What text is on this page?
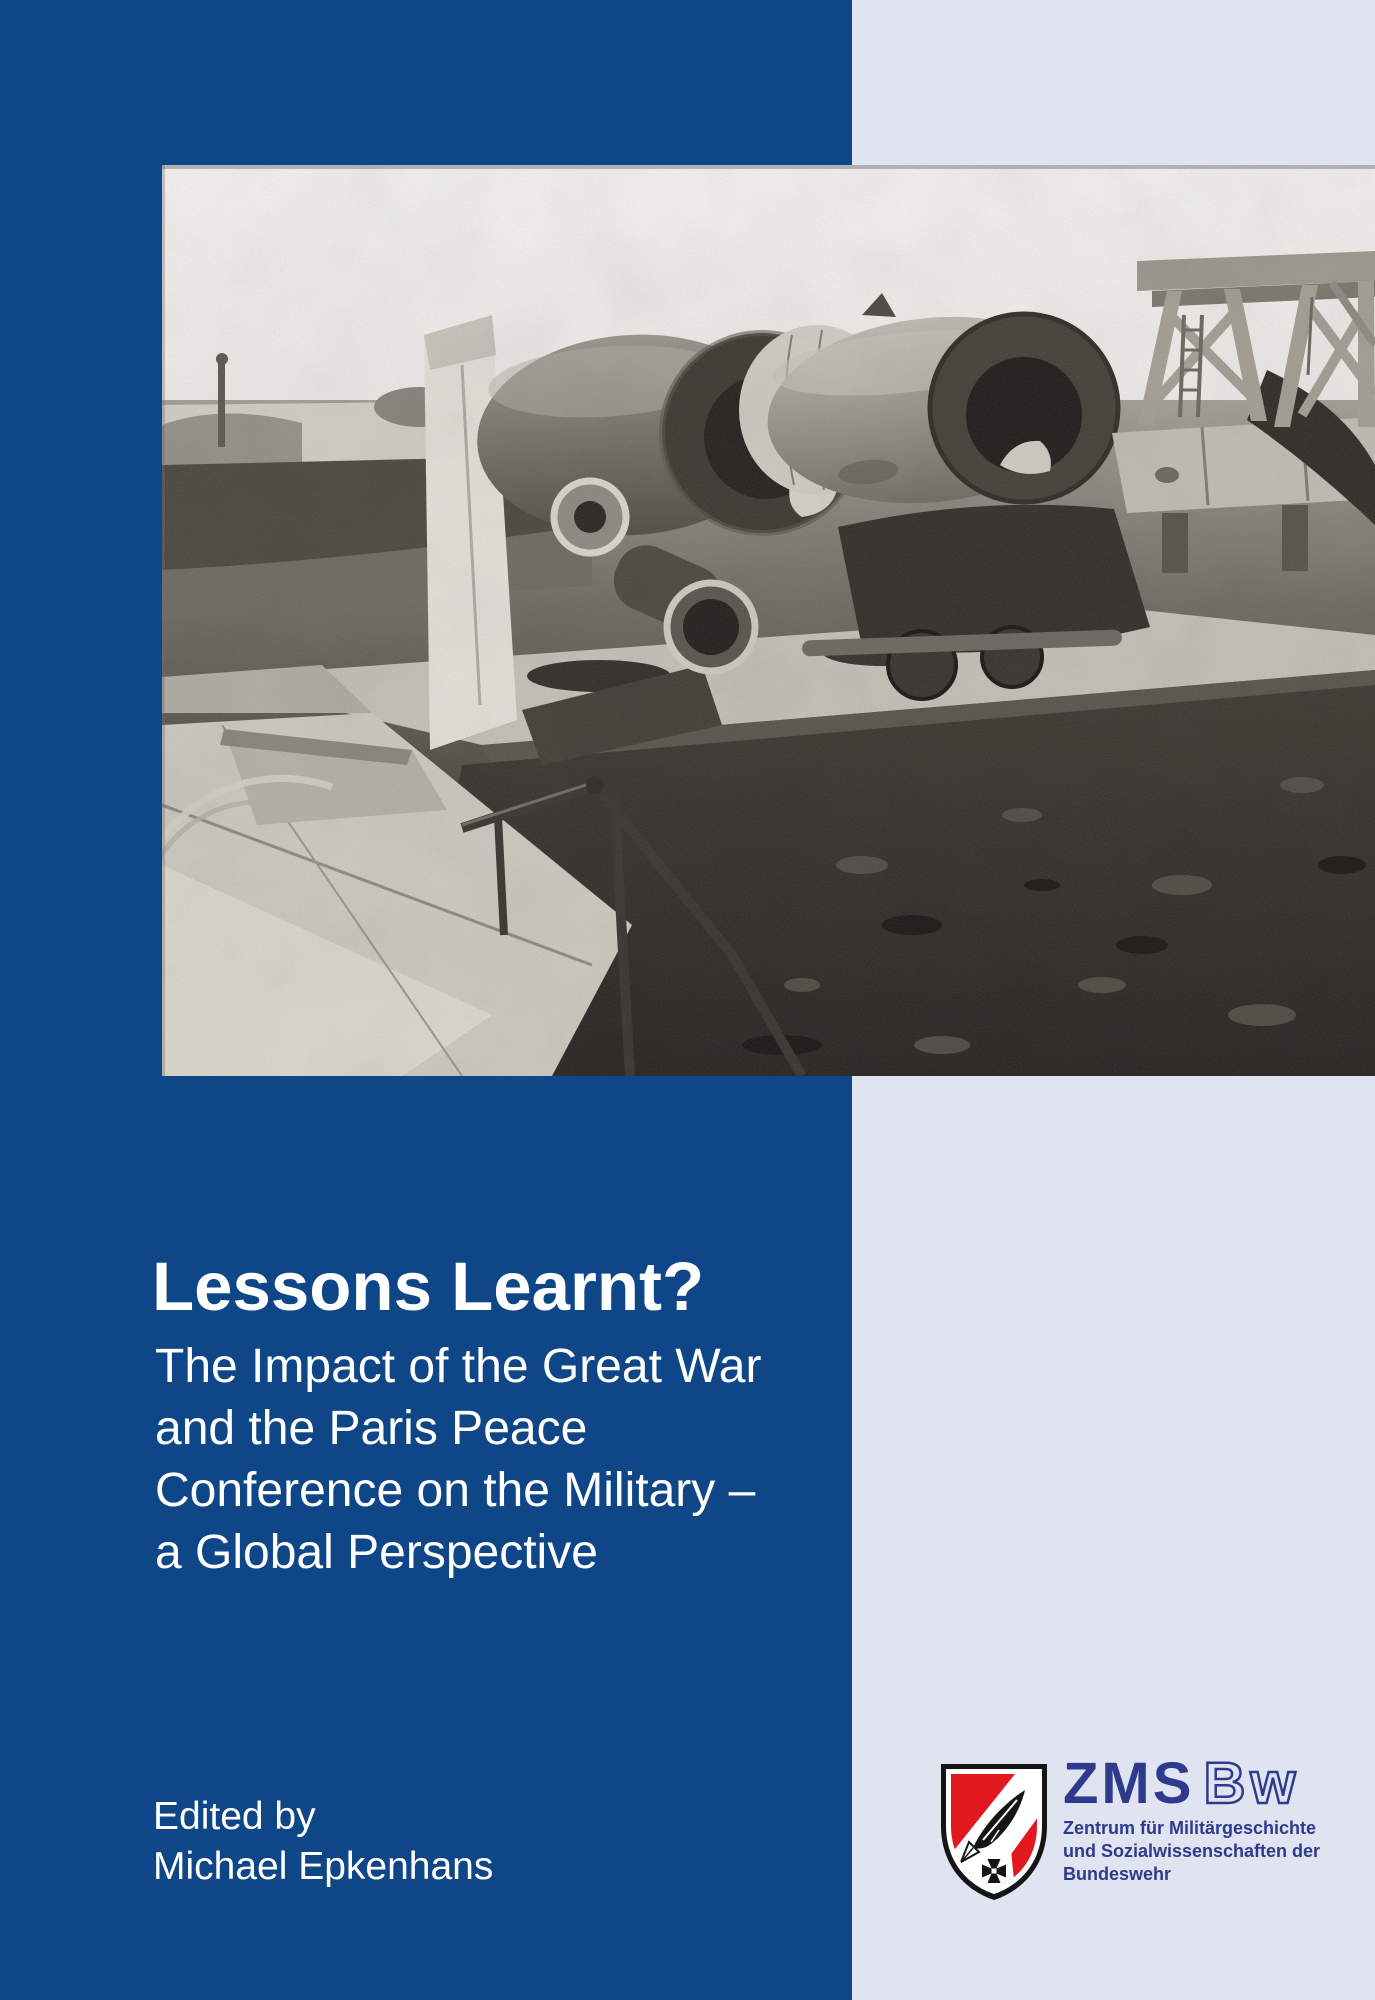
Lessons Learnt?
The Impact of the Great War
and the Paris Peace
Conference on the Military –
a Global Perspective
Edited by
Michael Epkenhans
ZMS Bw
Zentrum für Militärgeschichte
und Sozialwissenschaften der
Bundeswehr
